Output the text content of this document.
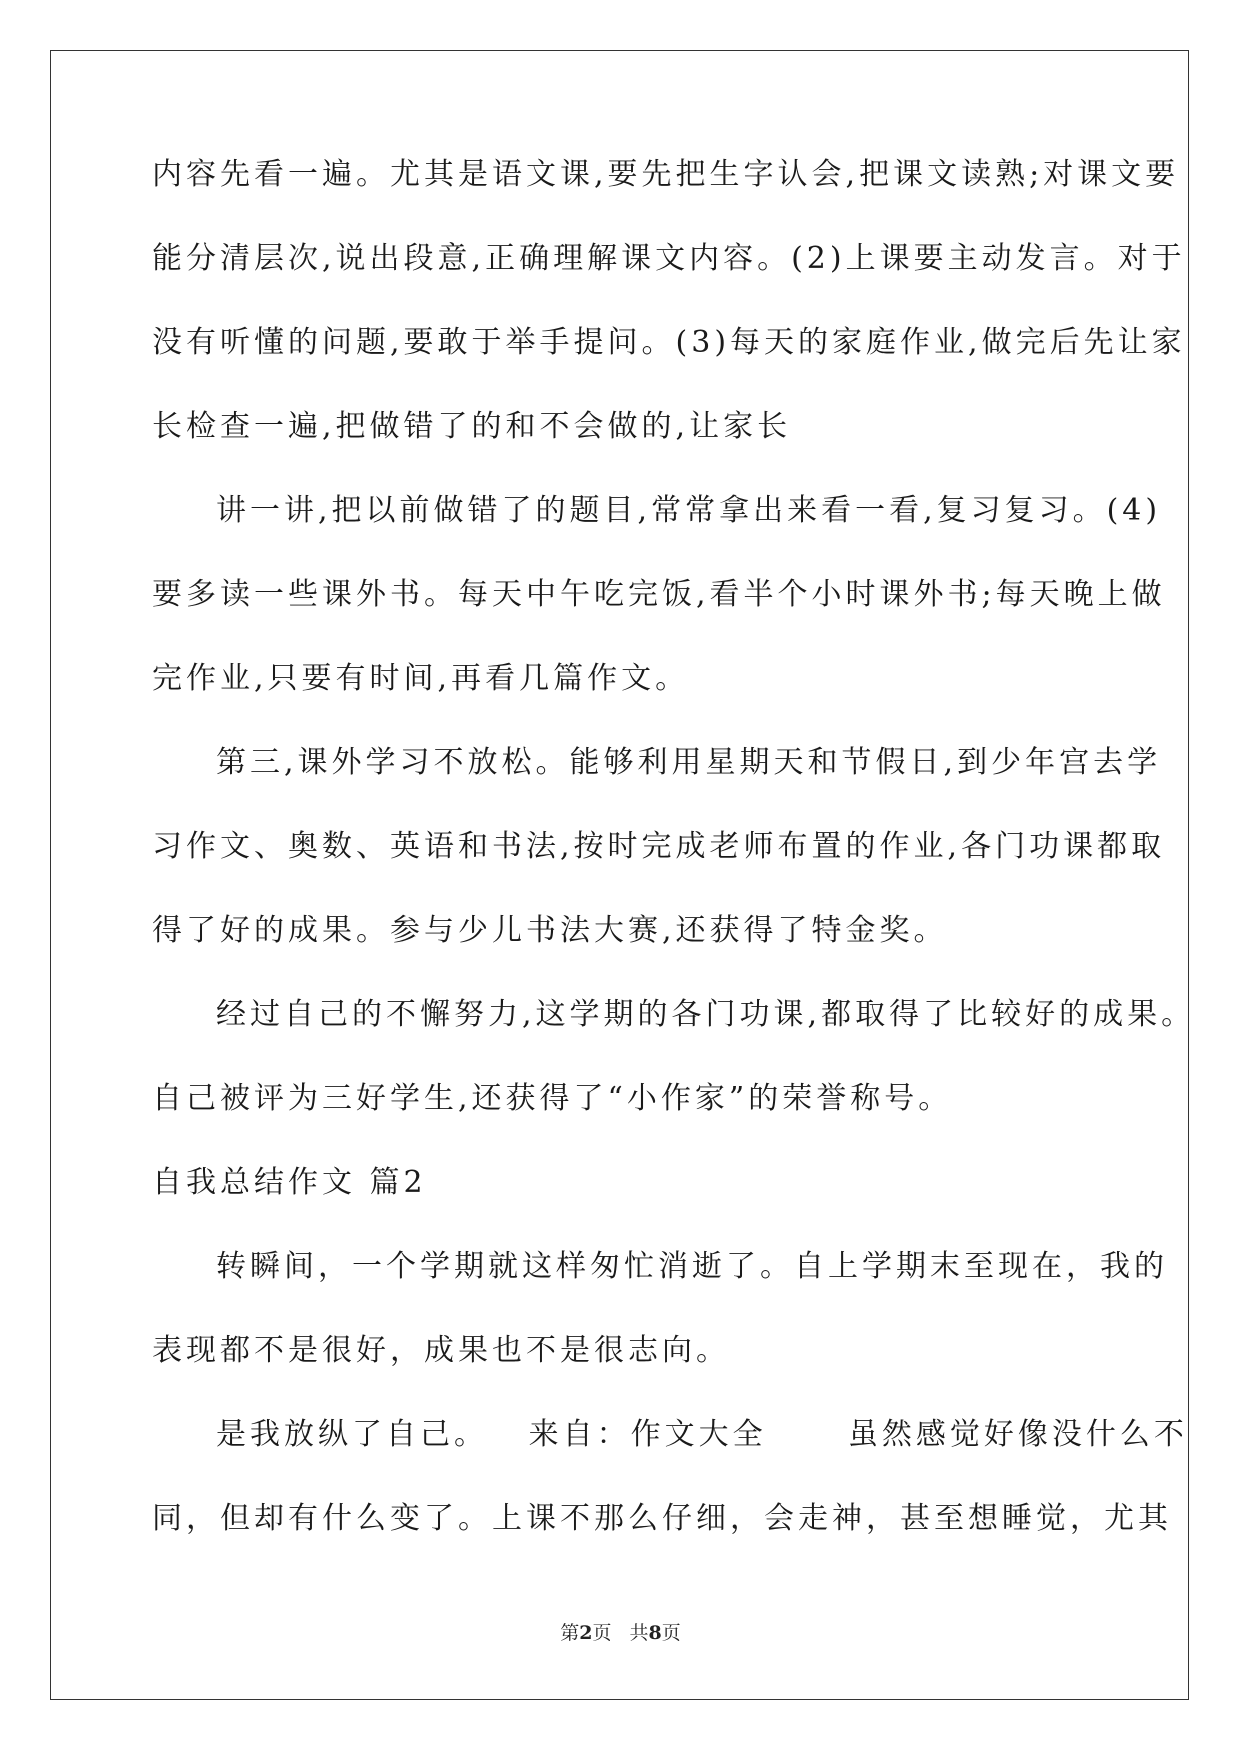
内容先看一遍。尤其是语文课,要先把生字认会,把课文读熟;对课文要
能分清层次,说出段意,正确理解课文内容。(2)上课要主动发言。对于
没有听懂的问题,要敢于举手提问。(3)每天的家庭作业,做完后先让家
长检查一遍,把做错了的和不会做的,让家长
讲一讲,把以前做错了的题目,常常拿出来看一看,复习复习。(4)
要多读一些课外书。每天中午吃完饭,看半个小时课外书;每天晚上做
完作业,只要有时间,再看几篇作文。
第三,课外学习不放松。能够利用星期天和节假日,到少年宫去学
习作文、奥数、英语和书法,按时完成老师布置的作业,各门功课都取
得了好的成果。参与少儿书法大赛,还获得了特金奖。
经过自己的不懈努力,这学期的各门功课,都取得了比较好的成果。
自己被评为三好学生,还获得了“小作家”的荣誉称号。
自我总结作文 篇2
转瞬间，一个学期就这样匆忙消逝了。自上学期末至现在，我的
表现都不是很好，成果也不是很志向。
是我放纵了自己。   来自：作文大全      虽然感觉好像没什么不
同，但却有什么变了。上课不那么仔细，会走神，甚至想睡觉，尤其
第2页 共8页
